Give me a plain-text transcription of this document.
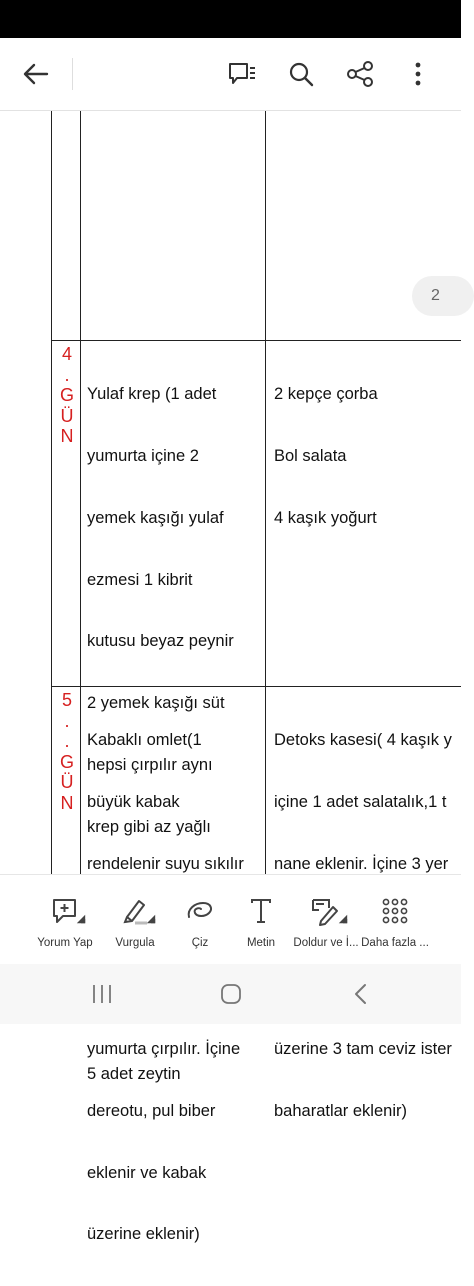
2
4
.
G
Ü
N

Yulaf krep (1 adet

yumurta içine 2

yemek kaşığı yulaf

ezmesi 1 kibrit

kutusu beyaz peynir

2 yemek kaşığı süt

hepsi çırpılır aynı

krep gibi az yağlı

5 adet zeytin

2 kepçe çorba

Bol salata

4 kaşık yoğurt

5
.
.
G
Ü
N

Kabaklı omlet(1

büyük kabak

rendelenir suyu sıkılır

yumurta çırpılır. İçine

dereotu, pul biber

eklenir ve kabak

üzerine eklenir)

Detoks kasesi( 4 kaşık y

içine 1 adet salatalık,1 t

nane eklenir. İçine 3 yer

üzerine 3 tam ceviz ister

baharatlar eklenir)

Yorum Yap Vurgula	Çiz	Metin Doldur ve İ... Daha fazla ...
